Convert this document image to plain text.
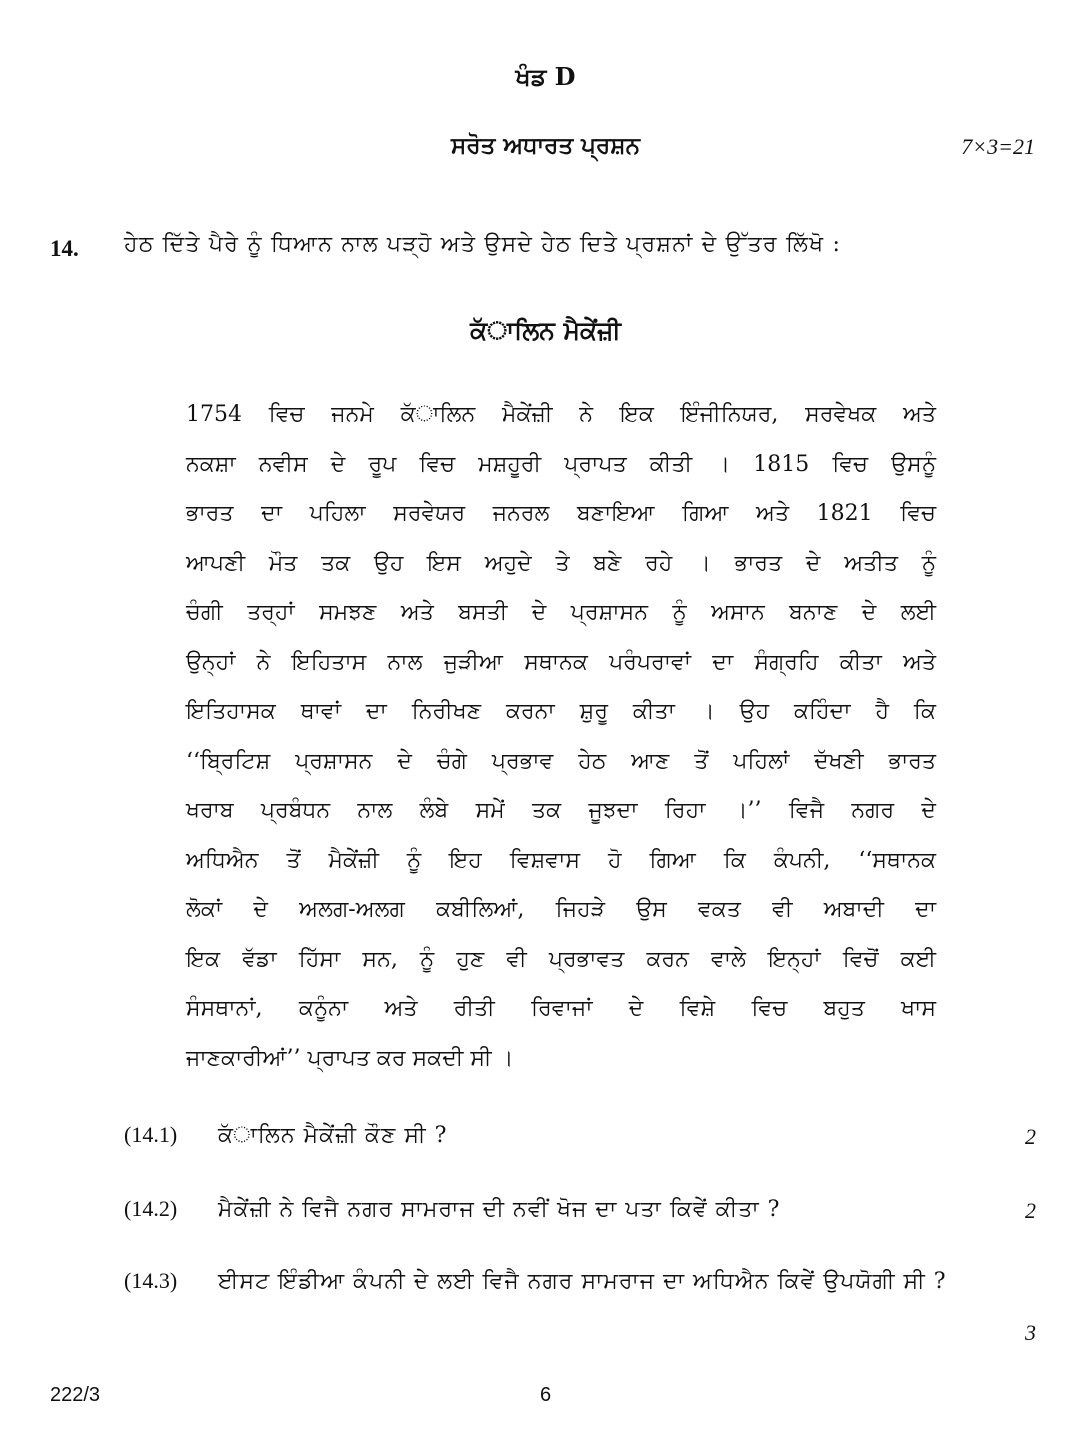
ਖੰਡ D
ਸਰੋਤ ਅਧਾਰਤ ਪ੍ਰਸ਼ਨ	7×3=21
14. ਹੇਠ ਦਿੱਤੇ ਪੈਰੇ ਨੂੰ ਧਿਆਨ ਨਾਲ ਪੜ੍ਹੋ ਅਤੇ ਉਸਦੇ ਹੇਠ ਦਿਤੇ ਪ੍ਰਸ਼ਨਾਂ ਦੇ ਉੱਤਰ ਲਿੱਖੋ :
ਕੱਾਲਿਨ ਮੈਕੇਂਜ਼ੀ
1754 ਵਿਚ ਜਨਮੇ ਕੱਾਲਿਨ ਮੈਕੇਂਜ਼ੀ ਨੇ ਇਕ ਇੰਜੀਨਿਯਰ, ਸਰਵੇਖਕ ਅਤੇ
ਨਕਸ਼ਾ ਨਵੀਸ ਦੇ ਰੂਪ ਵਿਚ ਮਸ਼ਹੂਰੀ ਪ੍ਰਾਪਤ ਕੀਤੀ । 1815 ਵਿਚ ਉਸਨੂੰ
ਭਾਰਤ ਦਾ ਪਹਿਲਾ ਸਰਵੇਯਰ ਜਨਰਲ ਬਣਾਇਆ ਗਿਆ ਅਤੇ 1821 ਵਿਚ
ਆਪਣੀ ਮੌਤ ਤਕ ਉਹ ਇਸ ਅਹੁਦੇ ਤੇ ਬਣੇ ਰਹੇ । ਭਾਰਤ ਦੇ ਅਤੀਤ ਨੂੰ
ਚੰਗੀ ਤਰ੍ਹਾਂ ਸਮਝਣ ਅਤੇ ਬਸਤੀ ਦੇ ਪ੍ਰਸ਼ਾਸਨ ਨੂੰ ਅਸਾਨ ਬਨਾਣ ਦੇ ਲਈ
ਉਨ੍ਹਾਂ ਨੇ ਇਹਿਤਾਸ ਨਾਲ ਜੁੜੀਆ ਸਥਾਨਕ ਪਰੰਪਰਾਵਾਂ ਦਾ ਸੰਗ੍ਰਹਿ ਕੀਤਾ ਅਤੇ
ਇਤਿਹਾਸਕ ਥਾਵਾਂ ਦਾ ਨਿਰੀਖਣ ਕਰਨਾ ਸ਼ੁਰੂ ਕੀਤਾ । ਉਹ ਕਹਿੰਦਾ ਹੈ ਕਿ
‘‘ਬ੍ਰਿਟਿਸ਼ ਪ੍ਰਸ਼ਾਸਨ ਦੇ ਚੰਗੇ ਪ੍ਰਭਾਵ ਹੇਠ ਆਣ ਤੋਂ ਪਹਿਲਾਂ ਦੱਖਣੀ ਭਾਰਤ
ਖਰਾਬ ਪ੍ਰਬੰਧਨ ਨਾਲ ਲੰਬੇ ਸਮੇਂ ਤਕ ਜੂਝਦਾ ਰਿਹਾ ।’’ ਵਿਜੈ ਨਗਰ ਦੇ
ਅਧਿਐਨ ਤੋਂ ਮੈਕੇਂਜ਼ੀ ਨੂੰ ਇਹ ਵਿਸ਼ਵਾਸ ਹੋ ਗਿਆ ਕਿ ਕੰਪਨੀ, ‘‘ਸਥਾਨਕ
ਲੋਕਾਂ ਦੇ ਅਲਗ-ਅਲਗ ਕਬੀਲਿਆਂ, ਜਿਹੜੇ ਉਸ ਵਕਤ ਵੀ ਅਬਾਦੀ ਦਾ
ਇਕ ਵੱਡਾ ਹਿੱਸਾ ਸਨ, ਨੂੰ ਹੁਣ ਵੀ ਪ੍ਰਭਾਵਤ ਕਰਨ ਵਾਲੇ ਇਨ੍ਹਾਂ ਵਿਚੋਂ ਕਈ
ਸੰਸਥਾਨਾਂ, ਕਨੂੰਨਾ ਅਤੇ ਰੀਤੀ ਰਿਵਾਜਾਂ ਦੇ ਵਿਸ਼ੇ ਵਿਚ ਬਹੁਤ ਖਾਸ
ਜਾਣਕਾਰੀਆਂ’’ ਪ੍ਰਾਪਤ ਕਰ ਸਕਦੀ ਸੀ ।
(14.1) ਕੱਾਲਿਨ ਮੈਕੇਂਜ਼ੀ ਕੌਣ ਸੀ ?	2
(14.2) ਮੈਕੇਂਜ਼ੀ ਨੇ ਵਿਜੈ ਨਗਰ ਸਾਮਰਾਜ ਦੀ ਨਵੀਂ ਖੋਜ ਦਾ ਪਤਾ ਕਿਵੇਂ ਕੀਤਾ ?	2
(14.3) ਈਸਟ ਇੰਡੀਆ ਕੰਪਨੀ ਦੇ ਲਈ ਵਿਜੈ ਨਗਰ ਸਾਮਰਾਜ ਦਾ ਅਧਿਐਨ ਕਿਵੇਂ ਉਪਯੋਗੀ ਸੀ ?
3
222/3	6
